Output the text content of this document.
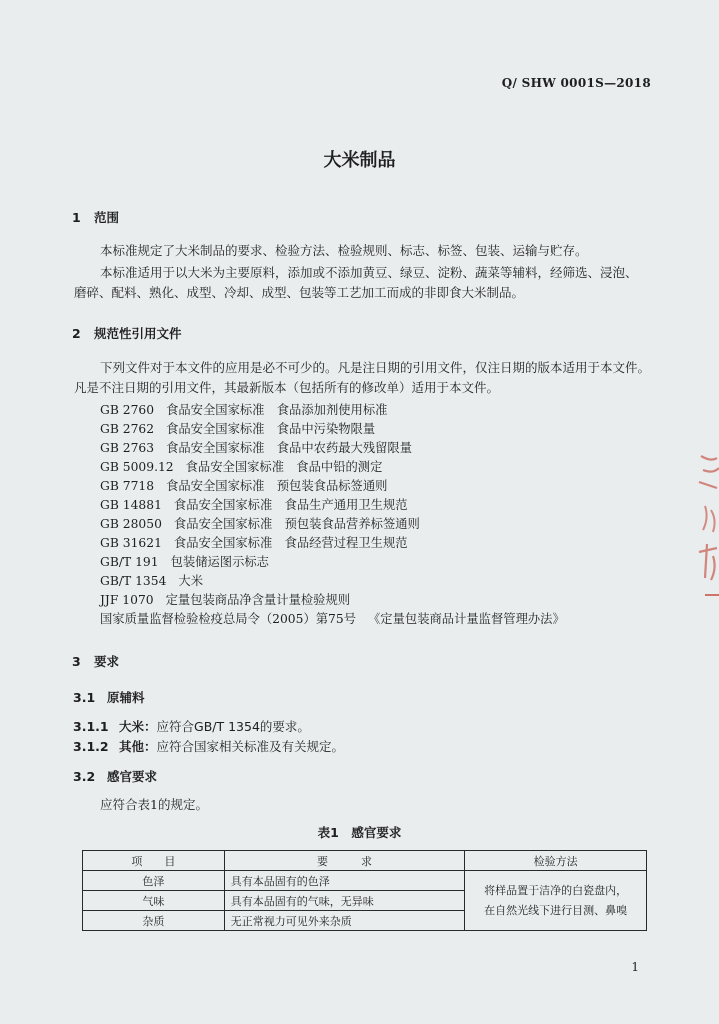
Q/ SHW 0001S—2018
大米制品
1 范围
本标准规定了大米制品的要求、检验方法、检验规则、标志、标签、包装、运输与贮存。
本标准适用于以大米为主要原料，添加或不添加黄豆、绿豆、淀粉、蔬菜等辅料，经筛选、浸泡、
磨碎、配料、熟化、成型、冷却、成型、包装等工艺加工而成的非即食大米制品。
2 规范性引用文件
下列文件对于本文件的应用是必不可少的。凡是注日期的引用文件，仅注日期的版本适用于本文件。
凡是不注日期的引用文件，其最新版本（包括所有的修改单）适用于本文件。
GB 2760 食品安全国家标准　食品添加剂使用标准
GB 2762 食品安全国家标准　食品中污染物限量
GB 2763 食品安全国家标准　食品中农药最大残留限量
GB 5009.12 食品安全国家标准　食品中铅的测定
GB 7718 食品安全国家标准　预包装食品标签通则
GB 14881 食品安全国家标准　食品生产通用卫生规范
GB 28050 食品安全国家标准　预包装食品营养标签通则
GB 31621 食品安全国家标准　食品经营过程卫生规范
GB/T 191 包装储运图示标志
GB/T 1354 大米
JJF 1070 定量包装商品净含量计量检验规则
国家质量监督检验检疫总局令（2005）第75号 《定量包装商品计量监督管理办法》
3 要求
3.1 原辅料
3.1.1 大米：应符合GB/T 1354的要求。
3.1.2 其他：应符合国家相关标准及有关规定。
3.2 感官要求
应符合表1的规定。
表1　感官要求
项　　目	要　　　求	检验方法
色泽	具有本品固有的色泽	将样品置于洁净的白瓷盘内，
在自然光线下进行目测、鼻嗅

气味	具有本品固有的气味，无异味	
杂质	无正常视力可见外来杂质	
1
